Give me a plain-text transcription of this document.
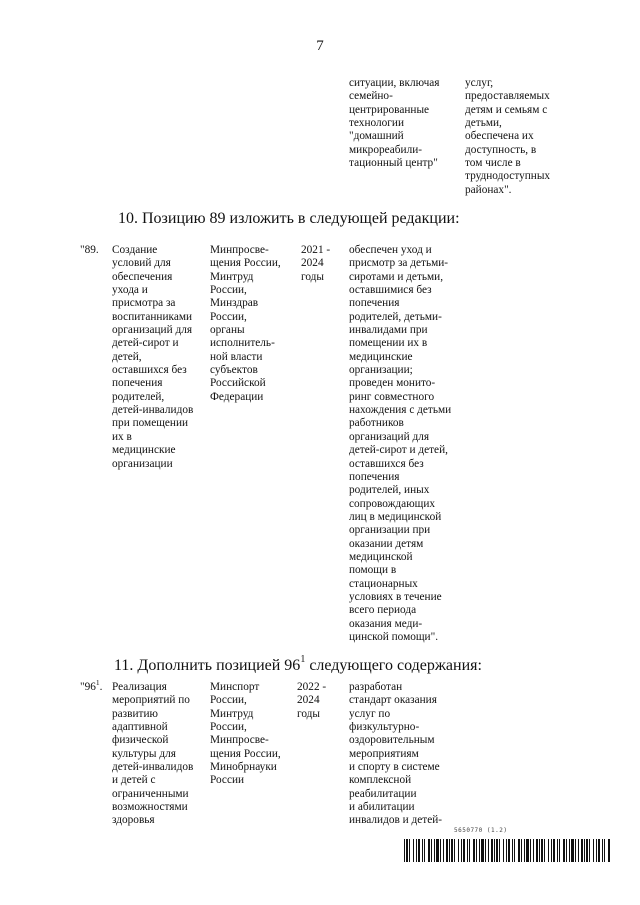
7
ситуации, включая
семейно-
центрированные
технологии
"домашний
микрореабили-
тационный центр"
услуг,
предоставляемых
детям и семьям с
детьми,
обеспечена их
доступность, в
том числе в
труднодоступных
районах".
10. Позицию 89 изложить в следующей редакции:
"89. Создание
условий для
обеспечения
ухода и
присмотра за
воспитанниками
организаций для
детей-сирот и
детей,
оставшихся без
попечения
родителей,
детей-инвалидов
при помещении
их в
медицинские
организации
Минпросве-
щения России,
Минтруд
России,
Минздрав
России,
органы
исполнитель-
ной власти
субъектов
Российской
Федерации
2021 -
2024
годы
обеспечен уход и
присмотр за детьми-
сиротами и детьми,
оставшимися без
попечения
родителей, детьми-
инвалидами при
помещении их в
медицинские
организации;
проведен монито-
ринг совместного
нахождения с детьми
работников
организаций для
детей-сирот и детей,
оставшихся без
попечения
родителей, иных
сопровождающих
лиц в медицинской
организации при
оказании детям
медицинской
помощи в
стационарных
условиях в течение
всего периода
оказания меди-
цинской помощи".
11. Дополнить позицией $96^1$ следующего содержания:
"$96^1$. Реализация
мероприятий по
развитию
адаптивной
физической
культуры для
детей-инвалидов
и детей с
ограниченными
возможностями
здоровья
Минспорт
России,
Минтруд
России,
Минпросве-
щения России,
Минобрнауки
России
2022 -
2024
годы
разработан
стандарт оказания
услуг по
физкультурно-
оздоровительным
мероприятиям
и спорту в системе
комплексной
реабилитации
и абилитации
инвалидов и детей-
5650770 (1.2)
